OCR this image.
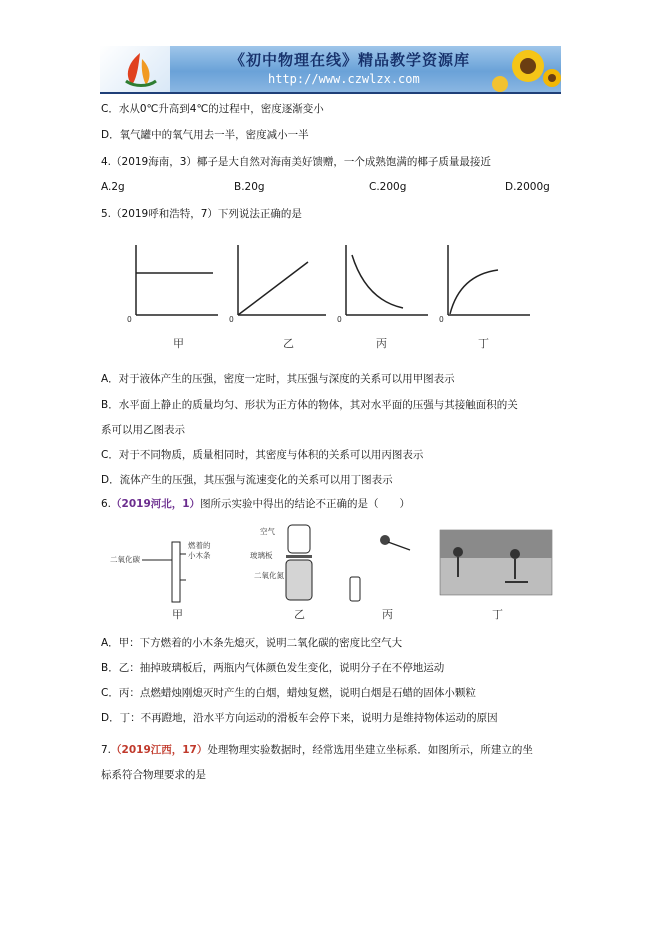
《初中物理在线》精品教学资源库
http://www.czwlzx.com
C．水从0℃升高到4℃的过程中，密度逐渐变小
D．氧气罐中的氧气用去一半，密度减小一半
4.（2019海南，3）椰子是大自然对海南美好馈赠，一个成熟饱满的椰子质量最接近
A.2g	B.20g	C.200g	D.2000g
5.（2019呼和浩特，7）下列说法正确的是
0
甲
0
乙
0
丙
0
丁
A．对于液体产生的压强，密度一定时，其压强与深度的关系可以用甲图表示
B．水平面上静止的质量均匀、形状为正方体的物体，其对水平面的压强与其接触面积的关
系可以用乙图表示
C．对于不同物质，质量相同时，其密度与体积的关系可以用丙图表示
D．流体产生的压强，其压强与流速变化的关系可以用丁图表示
6.（2019河北，1）图所示实验中得出的结论不正确的是（　　）
二氧化碳
燃着的
小木条
甲
空气
玻璃板
二氧化氮
乙	丙	丁
A．甲：下方燃着的小木条先熄灭，说明二氧化碳的密度比空气大
B．乙：抽掉玻璃板后，两瓶内气体颜色发生变化，说明分子在不停地运动
C．丙：点燃蜡烛刚熄灭时产生的白烟，蜡烛复燃，说明白烟是石蜡的固体小颗粒
D．丁：不再蹬地，沿水平方向运动的滑板车会停下来，说明力是维持物体运动的原因
7.（2019江西，17）处理物理实验数据时，经常选用坐建立坐标系．如图所示，所建立的坐
标系符合物理要求的是
